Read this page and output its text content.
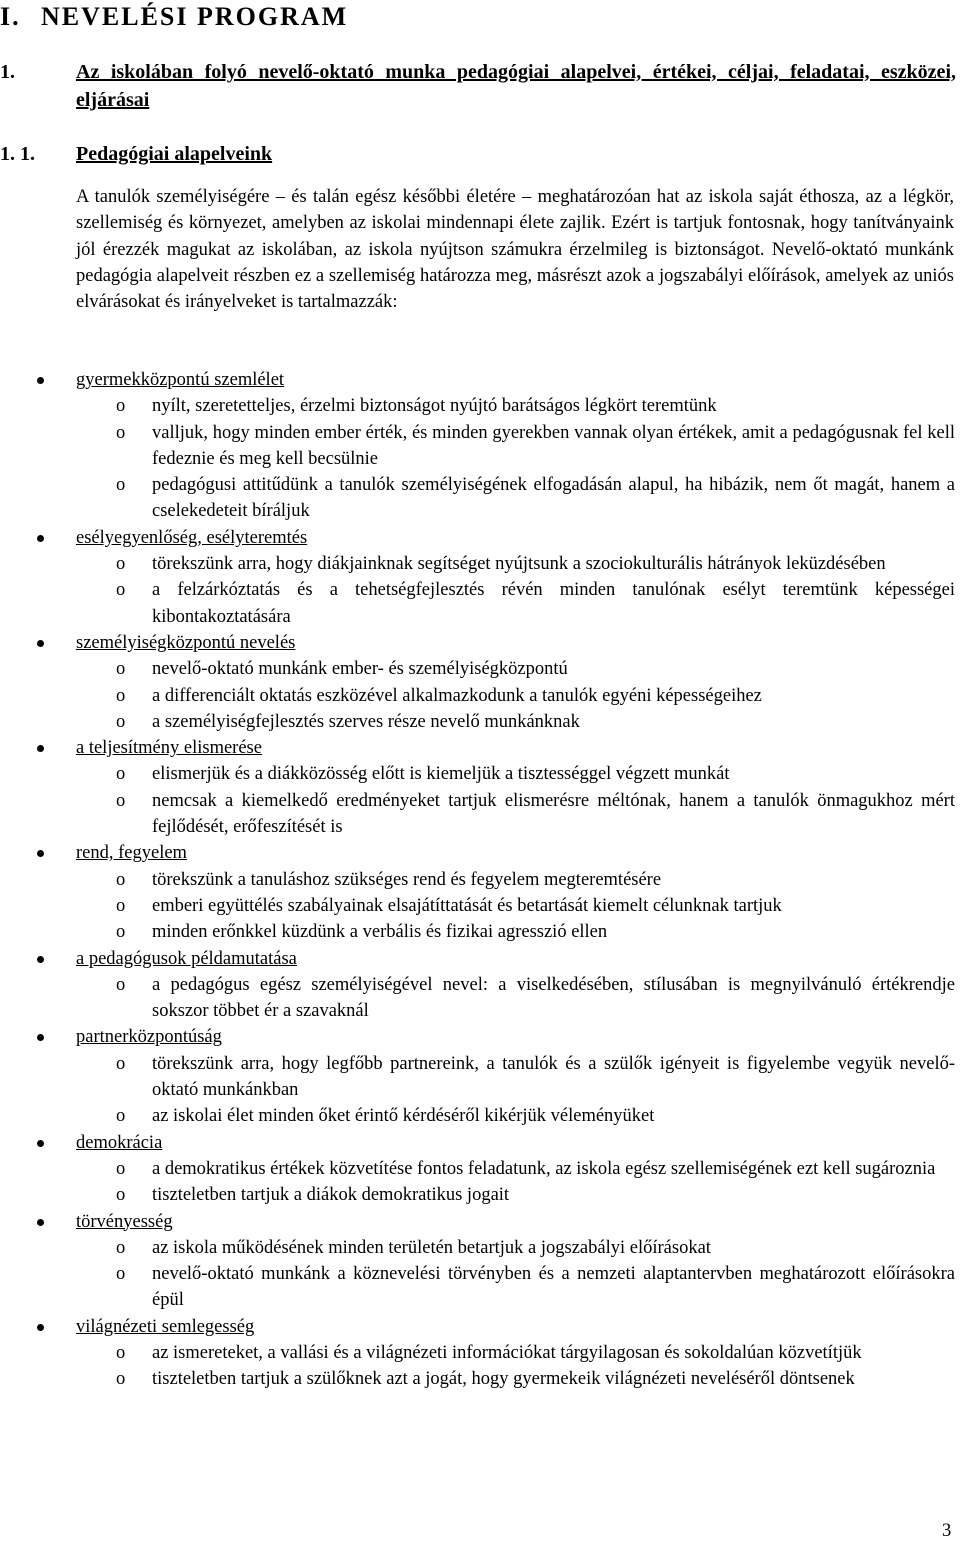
I. NEVELÉSI PROGRAM
1.	Az iskolában folyó nevelő-oktató munka pedagógiai alapelvei, értékei, céljai, feladatai, eszközei, eljárásai
1. 1. Pedagógiai alapelveink

A tanulók személyiségére – és talán egész későbbi életére – meghatározóan hat az iskola saját éthosza, az a légkör, szellemiség és környezet, amelyben az iskolai mindennapi élete zajlik. Ezért is tartjuk fontosnak, hogy tanítványaink jól érezzék magukat az iskolában, az iskola nyújtson számukra érzelmileg is biztonságot. Nevelő-oktató munkánk pedagógia alapelveit részben ez a szellemiség határozza meg, másrészt azok a jogszabályi előírások, amelyek az uniós elvárásokat és irányelveket is tartalmazzák:

gyermekközpontú szemlélet
o nyílt, szeretetteljes, érzelmi biztonságot nyújtó barátságos légkört teremtünk
o valljuk, hogy minden ember érték, és minden gyerekben vannak olyan értékek, amit a pedagógusnak fel kell fedeznie és meg kell becsülnie
o pedagógusi attitűdünk a tanulók személyiségének elfogadásán alapul, ha hibázik, nem őt magát, hanem a cselekedeteit bíráljuk
esélyegyenlőség, esélyteremtés
o törekszünk arra, hogy diákjainknak segítséget nyújtsunk a szociokulturális hátrányok leküzdésében
o a felzárkóztatás és a tehetségfejlesztés révén minden tanulónak esélyt teremtünk képességei kibontakoztatására
személyiségközpontú nevelés
o nevelő-oktató munkánk ember- és személyiségközpontú
o a differenciált oktatás eszközével alkalmazkodunk a tanulók egyéni képességeihez
o a személyiségfejlesztés szerves része nevelő munkánknak
a teljesítmény elismerése
o elismerjük és a diákközösség előtt is kiemeljük a tisztességgel végzett munkát
o nemcsak a kiemelkedő eredményeket tartjuk elismerésre méltónak, hanem a tanulók önmagukhoz mért fejlődését, erőfeszítését is
rend, fegyelem
o törekszünk a tanuláshoz szükséges rend és fegyelem megteremtésére
o emberi együttélés szabályainak elsajátíttatását és betartását kiemelt célunknak tartjuk
o minden erőnkkel küzdünk a verbális és fizikai agresszió ellen
a pedagógusok példamutatása
o a pedagógus egész személyiségével nevel: a viselkedésében, stílusában is megnyilvánuló értékrendje sokszor többet ér a szavaknál
partnerközpontúság
o törekszünk arra, hogy legfőbb partnereink, a tanulók és a szülők igényeit is figyelembe vegyük nevelő-oktató munkánkban
o az iskolai élet minden őket érintő kérdéséről kikérjük véleményüket
demokrácia
o a demokratikus értékek közvetítése fontos feladatunk, az iskola egész szellemiségének ezt kell sugároznia
o tiszteletben tartjuk a diákok demokratikus jogait
törvényesség
o az iskola működésének minden területén betartjuk a jogszabályi előírásokat
o nevelő-oktató munkánk a köznevelési törvényben és a nemzeti alaptantervben meghatározott előírásokra épül
világnézeti semlegesség
o az ismereteket, a vallási és a világnézeti információkat tárgyilagosan és sokoldalúan közvetítjük
o tiszteletben tartjuk a szülőknek azt a jogát, hogy gyermekeik világnézeti neveléséről döntsenek
3
